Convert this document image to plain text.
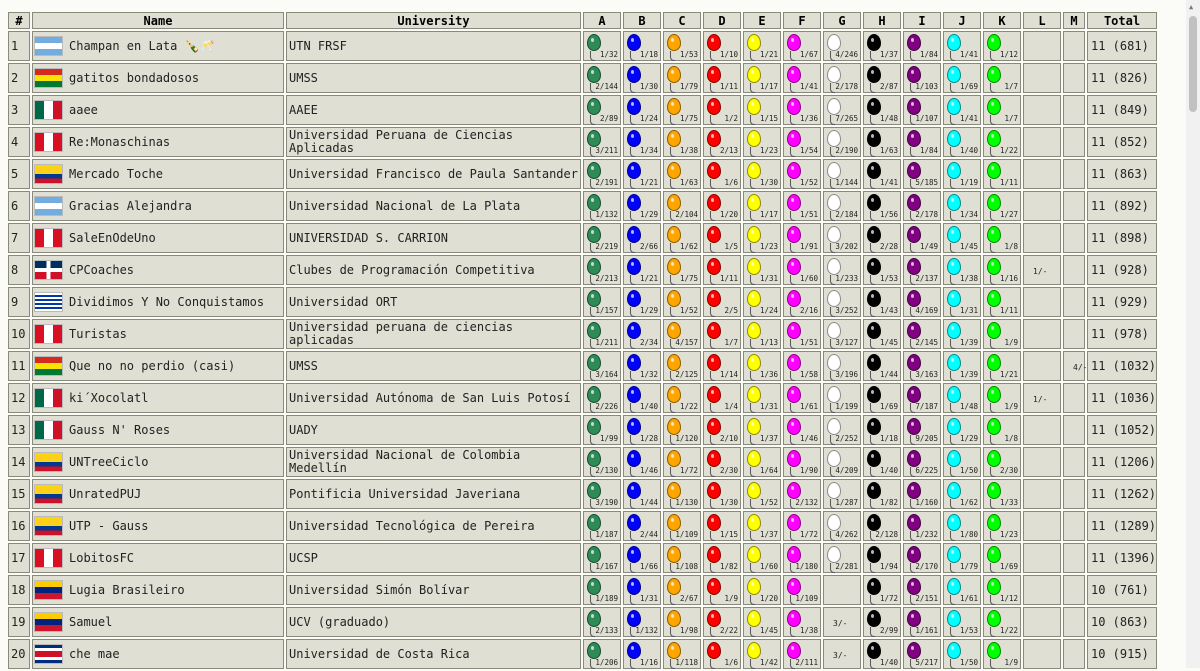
#	Name	University	A	B	C	D	E	F	G	H	I	J	K	L	M	Total
1	Champan en Lata 🍾🥂	UTN FRSF	1/32	1/18	1/53	1/10	1/21	1/67	4/246	1/37	1/84	1/41	1/12			11 (681)
2	gatitos bondadosos	UMSS	2/144	1/30	1/79	1/11	1/17	1/41	2/178	2/87	1/103	1/69	1/7			11 (826)
3	aaee	AAEE	2/89	1/24	1/75	1/2	1/15	1/36	7/265	1/48	1/107	1/41	1/7			11 (849)
4	Re:Monaschinas	Universidad Peruana de Ciencias Aplicadas	3/211	1/34	1/38	2/13	1/23	1/54	2/190	1/63	1/84	1/40	1/22			11 (852)
5	Mercado Toche	Universidad Francisco de Paula Santander	2/191	1/21	1/63	1/6	1/30	1/52	1/144	1/41	5/185	1/19	1/11			11 (863)
6	Gracias Alejandra	Universidad Nacional de La Plata	1/132	1/29	2/104	1/20	1/17	1/51	2/184	1/56	2/178	1/34	1/27			11 (892)
7	SaleEnOdeUno	UNIVERSIDAD S. CARRION	2/219	2/66	1/62	1/5	1/23	1/91	3/202	2/28	1/49	1/45	1/8			11 (898)
8	CPCoaches	Clubes de Programación Competitiva	2/213	1/21	1/75	1/11	1/31	1/60	1/233	1/53	2/137	1/38	1/16	1/-		11 (928)
9	Dividimos Y No Conquistamos	Universidad ORT	1/157	1/29	1/52	2/5	1/24	2/16	3/252	1/43	4/169	1/31	1/11			11 (929)
10	Turistas	Universidad peruana de ciencias aplicadas	1/211	2/34	4/157	1/7	1/13	1/51	3/127	1/45	2/145	1/39	1/9			11 (978)
11	Que no no perdio (casi)	UMSS	3/164	1/32	2/125	1/14	1/36	1/58	3/196	1/44	3/163	1/39	1/21		4/-	11 (1032)
12	ki´Xocolatl	Universidad Autónoma de San Luis Potosí	2/226	1/40	1/22	1/4	1/31	1/61	1/199	1/69	7/187	1/48	1/9	1/-		11 (1036)
13	Gauss N' Roses	UADY	1/99	1/28	1/120	2/10	1/37	1/46	2/252	1/18	9/205	1/29	1/8			11 (1052)
14	UNTreeCiclo	Universidad Nacional de Colombia Medellín	2/130	1/46	1/72	2/30	1/64	1/90	4/209	1/40	6/225	1/50	2/30			11 (1206)
15	UnratedPUJ	Pontificia Universidad Javeriana	3/190	1/44	1/130	1/30	1/52	2/132	1/287	1/82	1/160	1/62	1/33			11 (1262)
16	UTP - Gauss	Universidad Tecnológica de Pereira	1/187	2/44	1/109	1/15	1/37	1/72	4/262	2/128	1/232	1/80	1/23			11 (1289)
17	LobitosFC	UCSP	1/167	1/66	1/108	1/82	1/60	1/180	2/281	1/94	2/170	1/79	1/69			11 (1396)
18	Lugia Brasileiro	Universidad Simón Bolívar	1/189	1/31	2/67	1/9	1/20	1/109		1/72	2/151	1/61	1/12			10 (761)
19	Samuel	UCV (graduado)	2/133	1/132	1/98	2/22	1/45	1/38	3/-	2/99	1/161	1/53	1/22			10 (863)
20	che mae	Universidad de Costa Rica	1/206	1/16	1/118	1/6	1/42	2/111	3/-	1/40	5/217	1/50	1/9			10 (915)
▲
